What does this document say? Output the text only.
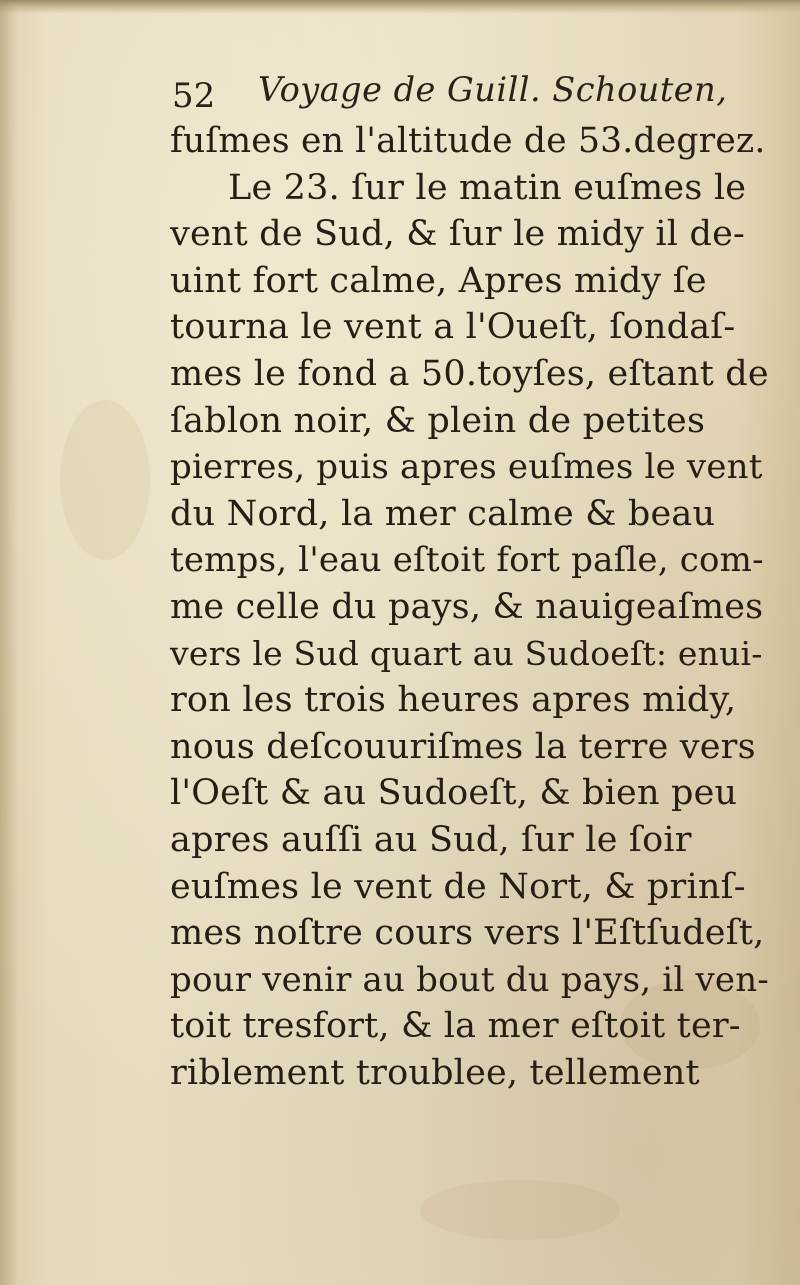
52 Voyage de Guill. Schouten,
fuſmes en l'altitude de 53.degrez.
Le 23. ſur le matin euſmes le
vent de Sud, & ſur le midy il de-
uint fort calme, Apres midy ſe
tourna le vent a l'Oueſt, ſondaſ-
mes le fond a 50.toyſes, eſtant de
ſablon noir, & plein de petites
pierres, puis apres euſmes le vent
du Nord, la mer calme & beau
temps, l'eau eſtoit fort paſle, com-
me celle du pays, & nauigeaſmes
vers le Sud quart au Sudoeſt: enui-
ron les trois heures apres midy,
nous deſcouuriſmes la terre vers
l'Oeſt & au Sudoeſt, & bien peu
apres auſſi au Sud, ſur le ſoir
euſmes le vent de Nort, & prinſ-
mes noſtre cours vers l'Eſtſudeſt,
pour venir au bout du pays, il ven-
toit tresfort, & la mer eſtoit ter-
riblement troublee, tellement
